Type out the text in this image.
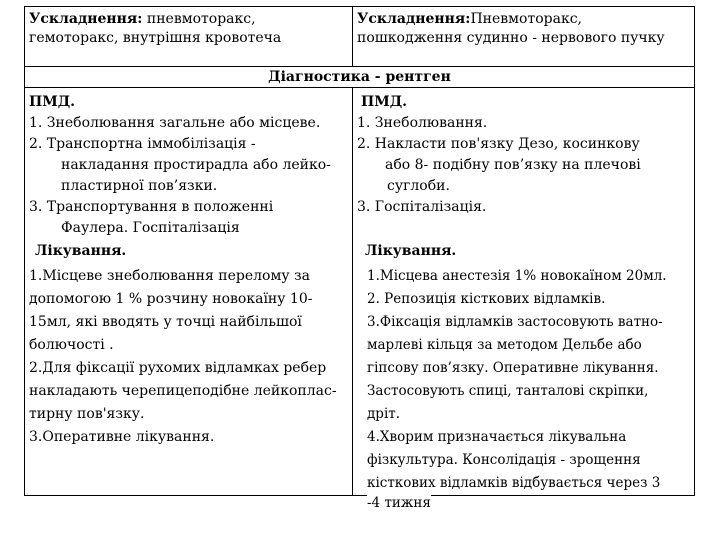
Ускладнення: пневмоторакс,
гемоторакс, внутрішня кровотеча
Ускладнення:Пневмоторакс,
пошкодження судинно - нервового пучку
Діагностика - рентген
ПМД.
1. Знеболювання загальне або місцеве.
2. Транспортна іммобілізація -
накладання простирадла або лейко-
пластирної пов’язки.
3. Транспортування в положенні
Фаулера. Госпіталізація
Лікування.
1.Місцеве знеболювання перелому за
допомогою 1 % розчину новокаїну 10-
15мл, які вводять у точці найбільшої
болючості .
2.Для фіксації рухомих відламках ребер
накладають черепицеподібне лейкоплас-
тирну пов'язку.
3.Оперативне лікування.
ПМД.
1. Знеболювання.
2. Накласти пов'язку Дезо, косинкову
або 8- подібну пов’язку на плечові
суглоби.
3. Госпіталізація.
Лікування.
1.Місцева анестезія 1% новокаїном 20мл.
2. Репозиція кісткових відламків.
3.Фіксація відламків застосовують ватно-
марлеві кільця за методом Дельбе або
гіпсову пов’язку. Оперативне лікування.
Застосовують спиці, танталові скріпки,
дріт.
4.Хворим призначається лікувальна
фізкультура. Консолідація - зрощення
кісткових відламків відбувається через 3
-4 тижня
